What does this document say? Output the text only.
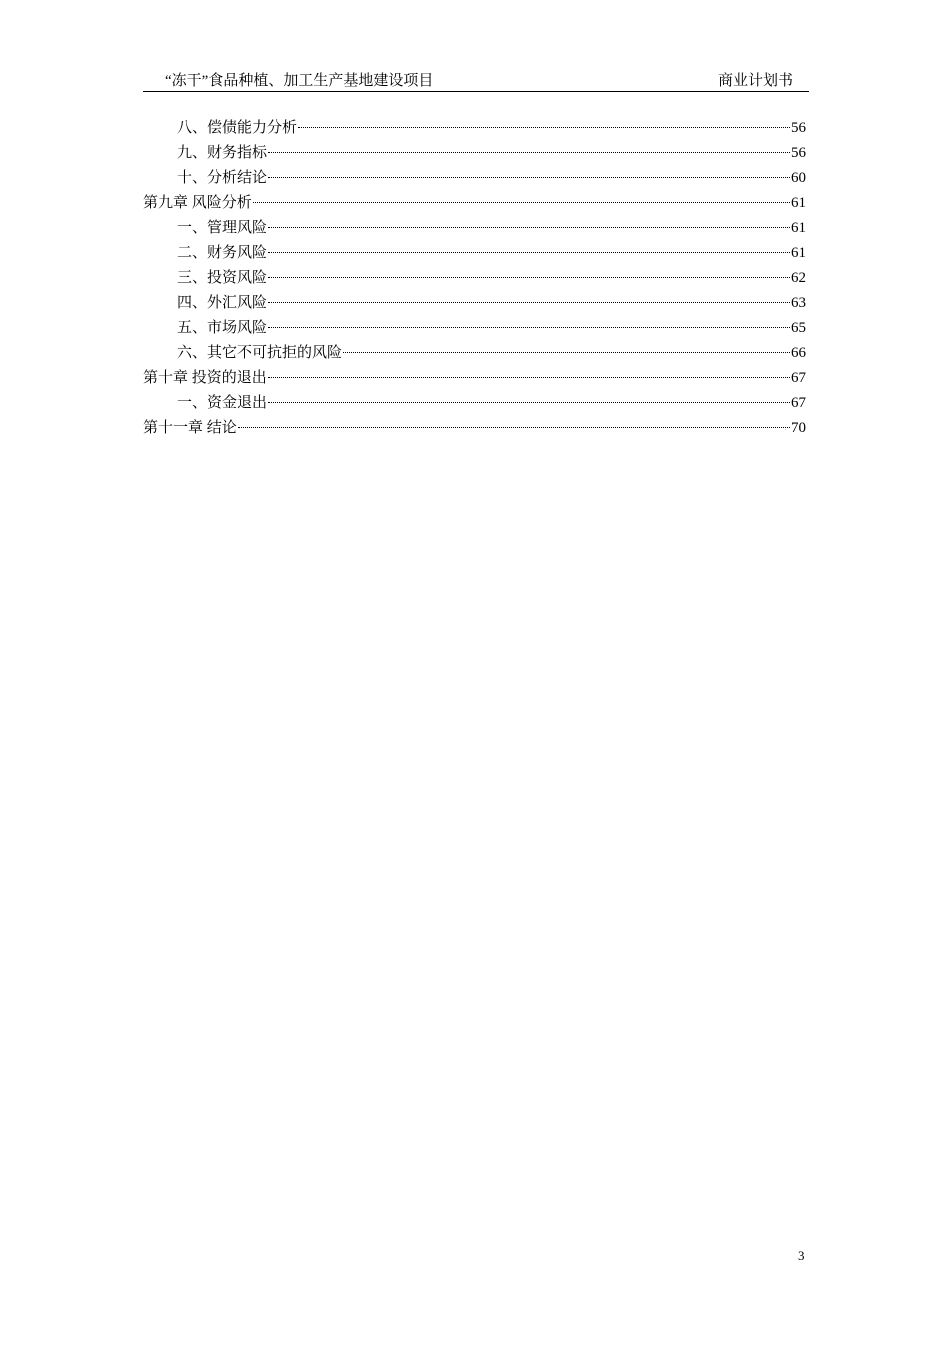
“冻干”食品种植、加工生产基地建设项目	商业计划书
八、偿债能力分析	56
九、财务指标	56
十、分析结论	60
第九章 风险分析	61
一、管理风险	61
二、财务风险	61
三、投资风险	62
四、外汇风险	63
五、市场风险	65
六、其它不可抗拒的风险	66
第十章 投资的退出	67
一、资金退出	67
第十一章 结论	70
3
